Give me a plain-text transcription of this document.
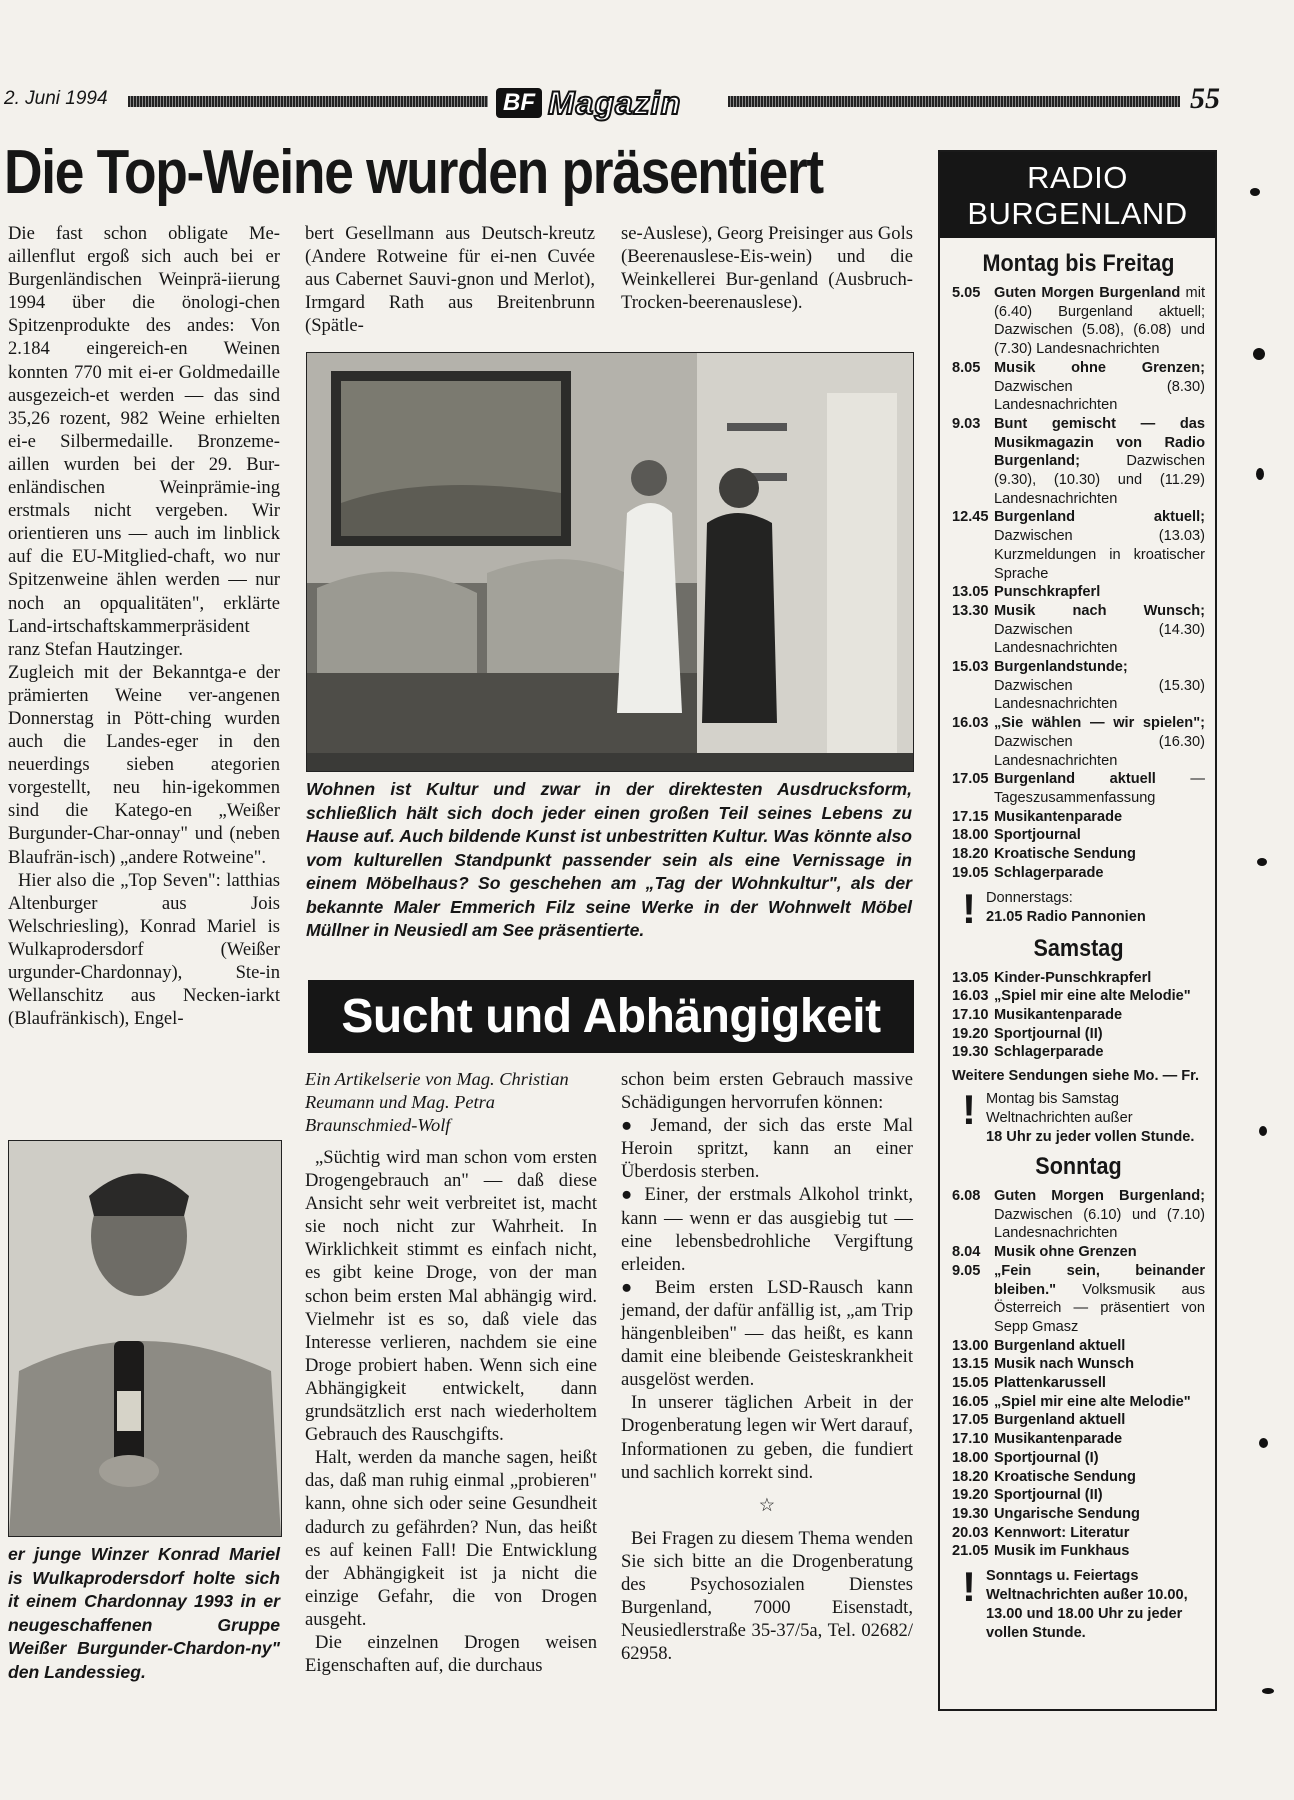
2. Juni 1994	BF Magazin	55
Die Top-Weine wurden präsentiert

Die fast schon obligate Me-aillenflut ergoß sich auch bei er Burgenländischen Weinprä-iierung 1994 über die önologi-chen Spitzenprodukte des andes: Von 2.184 eingereich-en Weinen konnten 770 mit ei-er Goldmedaille ausgezeich-et werden — das sind 35,26 rozent, 982 Weine erhielten ei-e Silbermedaille. Bronzeme-aillen wurden bei der 29. Bur-enländischen Weinprämie-ing erstmals nicht vergeben. Wir orientieren uns — auch im linblick auf die EU-Mitglied-chaft, wo nur Spitzenweine ählen werden — nur noch an opqualitäten", erklärte Land-irtschaftskammerpräsident ranz Stefan Hautzinger.

Zugleich mit der Bekanntga-e der prämierten Weine ver-angenen Donnerstag in Pött-ching wurden auch die Landes-eger in den neuerdings sieben ategorien vorgestellt, neu hin-igekommen sind die Katego-en „Weißer Burgunder-Char-onnay" und (neben Blaufrän-isch) „andere Rotweine".

Hier also die „Top Seven": latthias Altenburger aus Jois Welschriesling), Konrad Mariel is Wulkaprodersdorf (Weißer urgunder-Chardonnay), Ste-in Wellanschitz aus Necken-iarkt (Blaufränkisch), Engel-

bert Gesellmann aus Deutsch-kreutz (Andere Rotweine für ei-nen Cuvée aus Cabernet Sauvi-gnon und Merlot), Irmgard Rath aus Breitenbrunn (Spätle-
se-Auslese), Georg Preisinger aus Gols (Beerenauslese-Eis-wein) und die Weinkellerei Bur-genland (Ausbruch-Trocken-beerenauslese).
Wohnen ist Kultur und zwar in der direktesten Ausdrucksform, schließlich hält sich doch jeder einen großen Teil seines Lebens zu Hause auf. Auch bildende Kunst ist unbestritten Kultur. Was könnte also vom kulturellen Standpunkt passender sein als eine Vernissage in einem Möbelhaus? So geschehen am „Tag der Wohnkultur", als der bekannte Maler Emmerich Filz seine Werke in der Wohnwelt Möbel Müllner in Neusiedl am See präsentierte.
er junge Winzer Konrad Mariel is Wulkaprodersdorf holte sich it einem Chardonnay 1993 in er neugeschaffenen Gruppe Weißer Burgunder-Chardon-ny" den Landessieg.
Sucht und Abhängigkeit
Ein Artikelserie von Mag. Christian Reumann und Mag. Petra Braunschmied-Wolf

„Süchtig wird man schon vom ersten Drogengebrauch an" — daß diese Ansicht sehr weit verbreitet ist, macht sie noch nicht zur Wahrheit. In Wirklichkeit stimmt es einfach nicht, es gibt keine Droge, von der man schon beim ersten Mal abhängig wird. Vielmehr ist es so, daß viele das Interesse verlieren, nachdem sie eine Droge probiert haben. Wenn sich eine Abhängigkeit entwickelt, dann grundsätzlich erst nach wiederholtem Gebrauch des Rauschgifts.

Halt, werden da manche sagen, heißt das, daß man ruhig einmal „probieren" kann, ohne sich oder seine Gesundheit dadurch zu gefährden? Nun, das heißt es auf keinen Fall! Die Entwicklung der Abhängigkeit ist ja nicht die einzige Gefahr, die von Drogen ausgeht.

Die einzelnen Drogen weisen Eigenschaften auf, die durchaus

schon beim ersten Gebrauch massive Schädigungen hervorrufen können:

● Jemand, der sich das erste Mal Heroin spritzt, kann an einer Überdosis sterben.

● Einer, der erstmals Alkohol trinkt, kann — wenn er das ausgiebig tut — eine lebensbedrohliche Vergiftung erleiden.

● Beim ersten LSD-Rausch kann jemand, der dafür anfällig ist, „am Trip hängenbleiben" — das heißt, es kann damit eine bleibende Geisteskrankheit ausgelöst werden.

In unserer täglichen Arbeit in der Drogenberatung legen wir Wert darauf, Informationen zu geben, die fundiert und sachlich korrekt sind.

☆

Bei Fragen zu diesem Thema wenden Sie sich bitte an die Drogenberatung des Psychosozialen Dienstes Burgenland, 7000 Eisenstadt, Neusiedlerstraße 35-37/5a, Tel. 02682/ 62958.

RADIO
BURGENLAND
Montag bis Freitag
5.05 Guten Morgen Burgenland mit (6.40) Burgenland aktuell; Dazwischen (5.08), (6.08) und (7.30) Landesnachrichten
8.05 Musik ohne Grenzen; Dazwischen (8.30) Landesnachrichten
9.03 Bunt gemischt — das Musikmagazin von Radio Burgenland; Dazwischen (9.30), (10.30) und (11.29) Landesnachrichten
12.45 Burgenland aktuell; Dazwischen (13.03) Kurzmeldungen in kroatischer Sprache
13.05 Punschkrapferl
13.30 Musik nach Wunsch; Dazwischen (14.30) Landesnachrichten
15.03 Burgenlandstunde; Dazwischen (15.30) Landesnachrichten
16.03 „Sie wählen — wir spielen"; Dazwischen (16.30) Landesnachrichten
17.05 Burgenland aktuell — Tageszusammenfassung
17.15 Musikantenparade
18.00 Sportjournal
18.20 Kroatische Sendung
19.05 Schlagerparade
! Donnerstags:
21.05 Radio Pannonien
Samstag
13.05 Kinder-Punschkrapferl
16.03 „Spiel mir eine alte Melodie"
17.10 Musikantenparade
19.20 Sportjournal (II)
19.30 Schlagerparade
Weitere Sendungen siehe Mo. — Fr.
! Montag bis Samstag
Weltnachrichten außer
18 Uhr zu jeder vollen Stunde.
Sonntag
6.08 Guten Morgen Burgenland; Dazwischen (6.10) und (7.10) Landesnachrichten
8.04 Musik ohne Grenzen
9.05 „Fein sein, beinander bleiben." Volksmusik aus Österreich — präsentiert von Sepp Gmasz
13.00 Burgenland aktuell
13.15 Musik nach Wunsch
15.05 Plattenkarussell
16.05 „Spiel mir eine alte Melodie"
17.05 Burgenland aktuell
17.10 Musikantenparade
18.00 Sportjournal (I)
18.20 Kroatische Sendung
19.20 Sportjournal (II)
19.30 Ungarische Sendung
20.03 Kennwort: Literatur
21.05 Musik im Funkhaus
! Sonntags u. Feiertags
Weltnachrichten außer 10.00, 13.00 und 18.00 Uhr zu jeder vollen Stunde.
